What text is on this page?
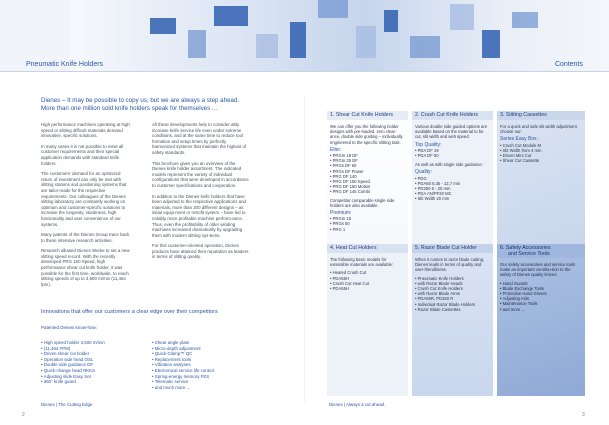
Pneumatic Knife Holders	Contents
Dienes – It may be possible to copy us, but we are always a step ahead.
More than one million sold knife holders speak for themselves ...

High performance machines operating at high speed or slitting difficult materials demand innovative, specific solutions.

In many cases it is not possible to meet all customer requirements and their special application demands with standard knife holders.

The customers' demand for an optimized return of investment can only be met with slitting stations and positioning systems that are tailor-made for the respective requirements. Our colleagues of the Dienes slitting laboratory are constantly working on optimum and customer-specific solutions to increase the longevity, sturdiness, high functionality and user convenience of our systems.

Many patents of the Dienes Group trace back to these intensive research activities.

Research allowed Dienes Werke to set a new slitting speed record. With the recently developed PRG 150 Speed, high performance shear cut knife holder, it was possible for the first time, worldwide, to reach slitting speeds of up to 3,500 m/min (11,464 fpm).

All these developments help to consider-ably increase knife service life even under extreme conditions, and at the same time to reduce tool formation and setup times by perfectly harmonized systems that maintain the highest of safety standards.

This brochure gives you an overview of the Dienes knife holder assortment. The indicated models represent the variety of individual configurations that were developed in accordance to customer specifications and cooperation.

In addition to the Dienes knife holders that have been adjusted to the respective applications and materials, more than 200 different designs – as initial equip-ment or retrofit system – have led to notably more profitable machine perform-ance. Thus, even the profitability of older winding machines increased dramatically by upgrading them with modern slitting sys-tems.

For this customer-oriented operation, Dienes products have attained their reputation as leaders in terms of slitting quality.

Innovations that offer our customers a clear edge over their competitors
Patented Dienes know-how:
• High speed holder 3,500 m/min
• (11,464 FPM)
• Driven shear cut holder
• Operation side head OSL
• Double side guidance DF
• Quick-change head RKKS
• Adjusting slide Easy Set
• 360° knife guard
• Shear angle plate
• Micro-depth adjustment
• Quick-Clamp™ QC
• Replacement tools
• Vibration analyses
• Electronical service life control
• Spring-energy memory FES
• Telematic service
• and much more ...
Dienes | The Cutting Edge
2
1. Shear Cut Knife Holders

We can offer you the following holder designs with pre-loaded, zero clear-ance, double side guiding – individually engineered to the specific slitting task.

Elite:
• PRGm 19 DF
• PRGm 25 DF
• PRGs DF 50
• PRGs DF Power
• PRG DF 140
• PRG DF 150 Speed
• PRG DF 150 Motion
• PRG DF 145 Combi

Competitor comparable single side holders are also available.

Premium:
• PRGm 15
• PRGs 50
• PRG 1
2. Crush Cut Knife Holders

Various double side guided options are available based on the material to be cut, slit width and web speed.

Top Quality:
• PDA DF 19
• PDA DF 50

As well as with single side guidance:

Quality:
• PDG
• PDA50 6,35 - 12,7 mm
• PD250 6 - 20 mm
• PDA AN/PF20 MC
• Slit Width 20 mm
3. Slitting Cassettes

For a quick and safe slit width adjustment choose our:

Series Easy Box :
• Crush Cut Module M
• Slit Width from 4 mm
• Driven Mini Cut
• Shear Cut Cassette
4. Heat Cut Holders

The following basic models for extensible materials are available:

• Heated Crush Cut
• PDA55H
• Crush Cut Heat Cut
• PDA55H
5. Razor Blade Cut Holder

When it comes to razor blade cutting, Dienes leads in terms of quality and user-friendliness.

• Pneumatic Knife Holders
• with Razor Blade Heads
• Crush Cut Knife Holders
• with Razor Blade Arms
• PDA55R, PD250 R
• Individual Razor Blade Holders
• Razor Blade Cassettes
6. Safety Accessories
and Service Tools

Our safety accessories and service tools make an important contribu-tion to the safety of Dienes quality knives:

• Hand Guards
• Blade Exchange Tools
• Protective Hand Gloves
• Adjusting Aids
• Maintenance Tools
• and more ...
Dienes | Always a cut ahead.
3
